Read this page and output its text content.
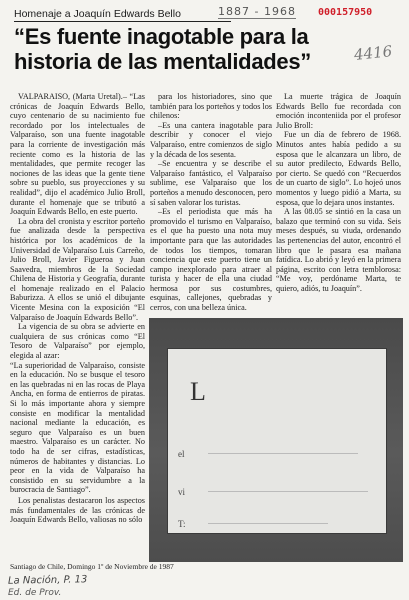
Homenaje a Joaquín Edwards Bello	1887 - 1968 000157950
4416
“Es fuente inagotable para la historia de las mentalidades”

VALPARAISO, (Marta Uretal).– “Las crónicas de Joaquín Edwards Bello, cuyo centenario de su nacimiento fue recordado por los intelectuales de Valparaíso, son una fuente inagotable para la corriente de investigación más reciente como es la historia de las mentalidades, que permite recoger las nociones de las ideas que la gente tiene sobre su pueblo, sus proyecciones y su realidad”, dijo el académico Julio Broll, durante el homenaje que se tributó a Joaquín Edwards Bello, en este puerto.

La obra del cronista y escritor porteño fue analizada desde la perspectiva histórica por los académicos de la Universidad de Valparaíso Luis Carreño, Julio Broll, Javier Figueroa y Juan Saavedra, miembros de la Sociedad Chilena de Historia y Geografía, durante el homenaje realizado en el Palacio Baburizza. A ellos se unió el dibujante Vicente Mesina con la exposición “El Valparaíso de Joaquín Edwards Bello”.

La vigencia de su obra se advierte en cualquiera de sus crónicas como “El Tesoro de Valparaíso” por ejemplo, elegida al azar:

“La superioridad de Valparaíso, consiste en la educación. No se busque el tesoro en las quebradas ni en las rocas de Playa Ancha, en forma de entierros de piratas. Si lo más importante ahora y siempre consiste en modificar la mentalidad nacional mediante la educación, es seguro que Valparaíso es un buen maestro. Valparaíso es un carácter. No todo ha de ser cifras, estadísticas, números de habitantes y distancias. Lo peor en la vida de Valparaíso ha consistido en su servidumbre a la burocracia de Santiago”.

Los penalistas destacaron los aspectos más fundamentales de las crónicas de Joaquín Edwards Bello, valiosas no sólo

para los historiadores, sino que también para los porteños y todos los chilenos:

–Es una cantera inagotable para describir y conocer el viejo Valparaíso, entre comienzos de siglo y la década de los sesenta.

–Se encuentra y se describe el Valparaíso fantástico, el Valparaíso sublime, ese Valparaíso que los porteños a menudo desconocen, pero sí saben valorar los turistas.

–Es el periodista que más ha promovido el turismo en Valparaíso, es el que ha puesto una nota muy importante para que las autoridades de todos los tiempos, tomaran conciencia que este puerto tiene un campo inexplorado para atraer al turista y hacer de ella una ciudad hermosa por sus costumbres, esquinas, callejones, quebradas y cerros, con una belleza única.

La muerte trágica de Joaquín Edwards Bello fue recordada con emoción inconteniida por el profesor Julio Broll:

Fue un día de febrero de 1968. Minutos antes había pedido a su esposa que le alcanzara un libro, de su autor predilecto, Edwards Bello, por cierto. Se quedó con “Recuerdos de un cuarto de siglo”. Lo hojeó unos momentos y luego pidió a Marta, su esposa, que lo dejara unos instantes.

A las 08.05 se sintió en la casa un balazo que terminó con su vida. Seis meses después, su viuda, ordenando las pertenencias del autor, encontró el libro que le pasara esa mañana fatídica. Lo abrió y leyó en la primera página, escrito con letra temblorosa: “Me voy, perdóname Marta, te quiero, adiós, tu Joaquín”.

L
el
vi
T:
Santiago de Chile, Domingo 1º de Noviembre de 1987
La Nación, P. 13
Ed. de Prov.
